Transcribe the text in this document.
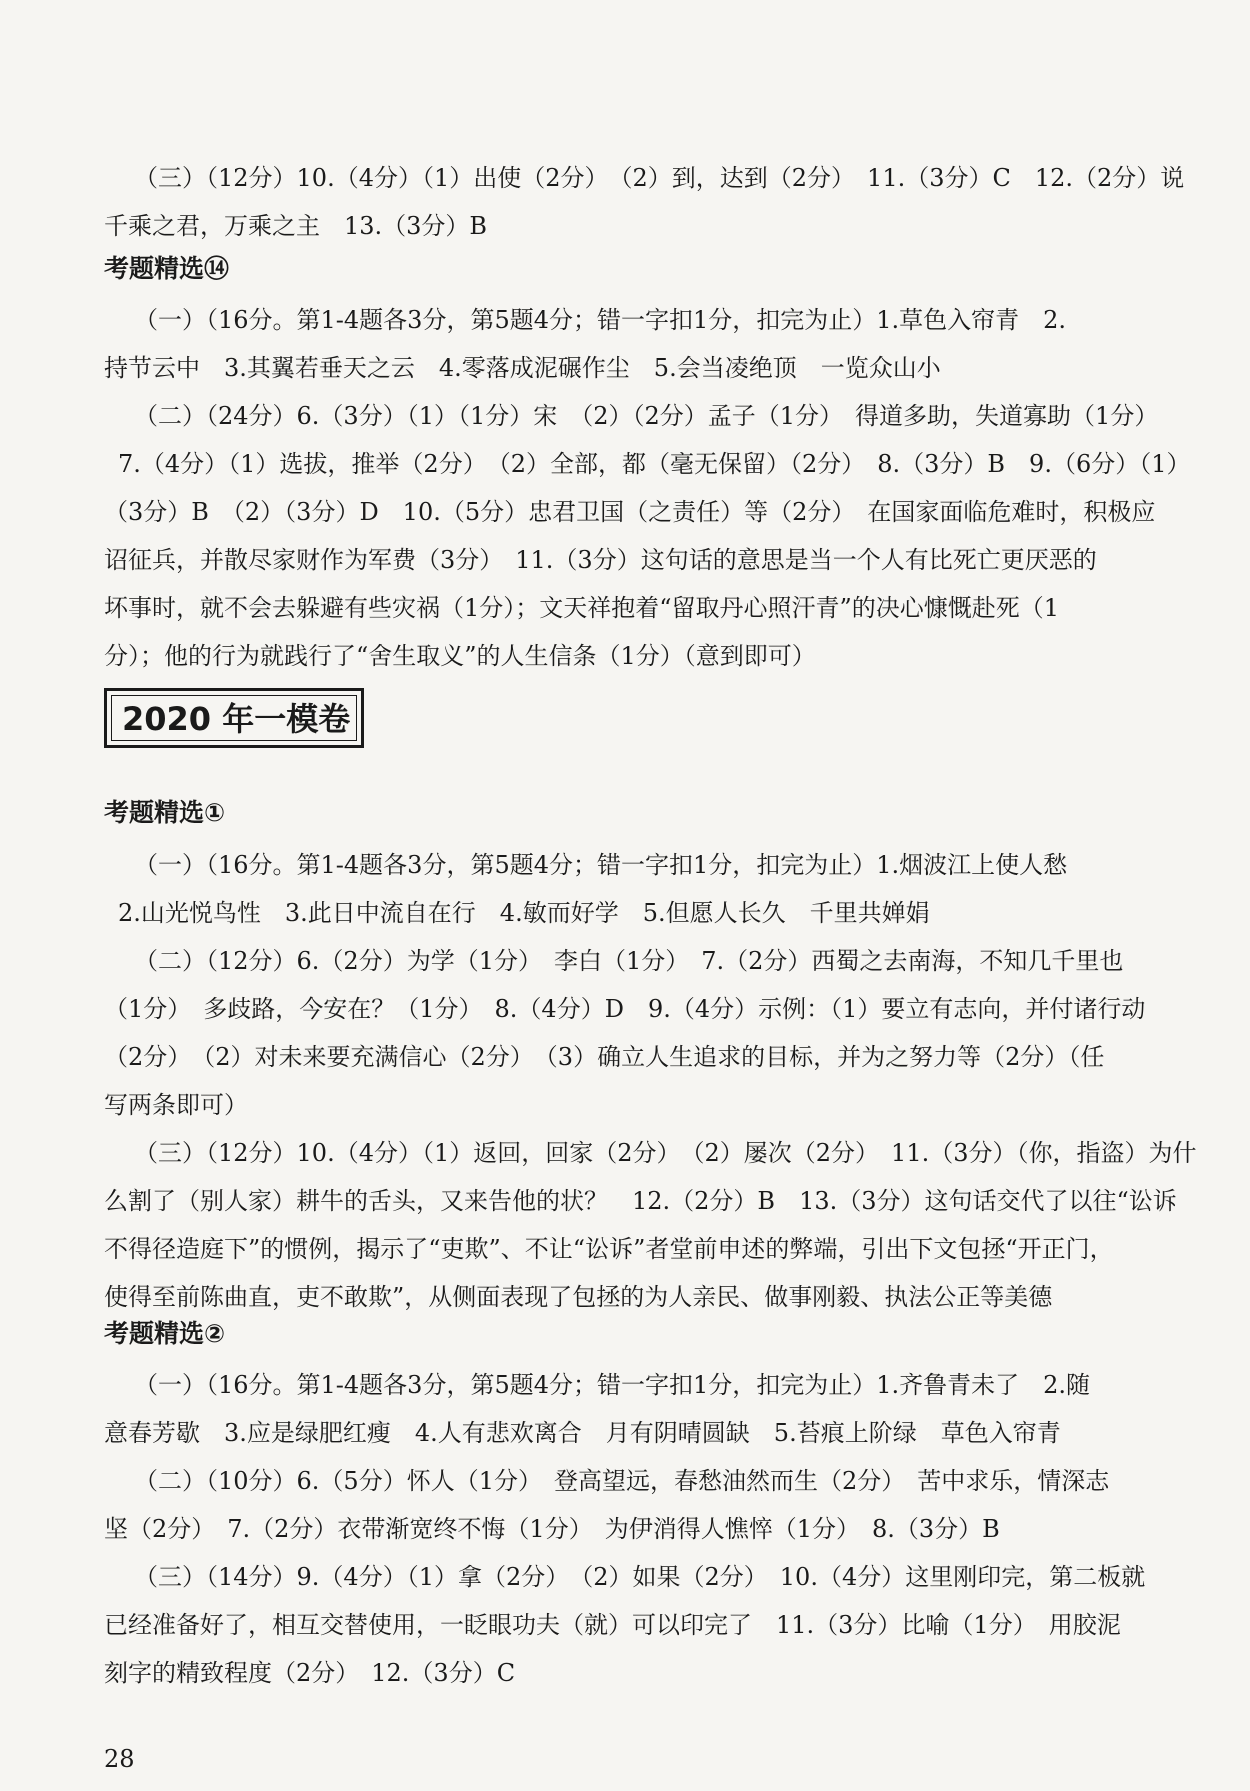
（三）（12分）10.（4分）（1）出使（2分）　（2）到，达到（2分）　11.（3分）C　12.（2分）说

千乘之君，万乘之主　13.（3分）B

考题精选⑭

（一）（16分。第1-4题各3分，第5题4分；错一字扣1分，扣完为止）1.草色入帘青　2.

持节云中　3.其翼若垂天之云　4.零落成泥碾作尘　5.会当凌绝顶　一览众山小

（二）（24分）6.（3分）（1）（1分）宋　（2）（2分）孟子（1分）　得道多助，失道寡助（1分）

7.（4分）（1）选拔，推举（2分）　（2）全部，都（毫无保留）（2分）　8.（3分）B　9.（6分）（1）

（3分）B　（2）（3分）D　10.（5分）忠君卫国（之责任）等（2分）　在国家面临危难时，积极应

诏征兵，并散尽家财作为军费（3分）　11.（3分）这句话的意思是当一个人有比死亡更厌恶的

坏事时，就不会去躲避有些灾祸（1分）；文天祥抱着“留取丹心照汗青”的决心慷慨赴死（1

分）；他的行为就践行了“舍生取义”的人生信条（1分）（意到即可）

2020 年一模卷
考题精选①

（一）（16分。第1-4题各3分，第5题4分；错一字扣1分，扣完为止）1.烟波江上使人愁

2.山光悦鸟性　3.此日中流自在行　4.敏而好学　5.但愿人长久　千里共婵娟

（二）（12分）6.（2分）为学（1分）　李白（1分）　7.（2分）西蜀之去南海，不知几千里也

（1分）　多歧路，今安在？（1分）　8.（4分）D　9.（4分）示例：（1）要立有志向，并付诸行动

（2分）　（2）对未来要充满信心（2分）　（3）确立人生追求的目标，并为之努力等（2分）（任

写两条即可）

（三）（12分）10.（4分）（1）返回，回家（2分）　（2）屡次（2分）　11.（3分）（你，指盗）为什

么割了（别人家）耕牛的舌头，又来告他的状？　12.（2分）B　13.（3分）这句话交代了以往“讼诉

不得径造庭下”的惯例，揭示了“吏欺”、不让“讼诉”者堂前申述的弊端，引出下文包拯“开正门，

使得至前陈曲直，吏不敢欺”，从侧面表现了包拯的为人亲民、做事刚毅、执法公正等美德

考题精选②

（一）（16分。第1-4题各3分，第5题4分；错一字扣1分，扣完为止）1.齐鲁青未了　2.随

意春芳歇　3.应是绿肥红瘦　4.人有悲欢离合　月有阴晴圆缺　5.苔痕上阶绿　草色入帘青

（二）（10分）6.（5分）怀人（1分）　登高望远，春愁油然而生（2分）　苦中求乐，情深志

坚（2分）　7.（2分）衣带渐宽终不悔（1分）　为伊消得人憔悴（1分）　8.（3分）B

（三）（14分）9.（4分）（1）拿（2分）　（2）如果（2分）　10.（4分）这里刚印完，第二板就

已经准备好了，相互交替使用，一眨眼功夫（就）可以印完了　11.（3分）比喻（1分）　用胶泥

刻字的精致程度（2分）　12.（3分）C

28
